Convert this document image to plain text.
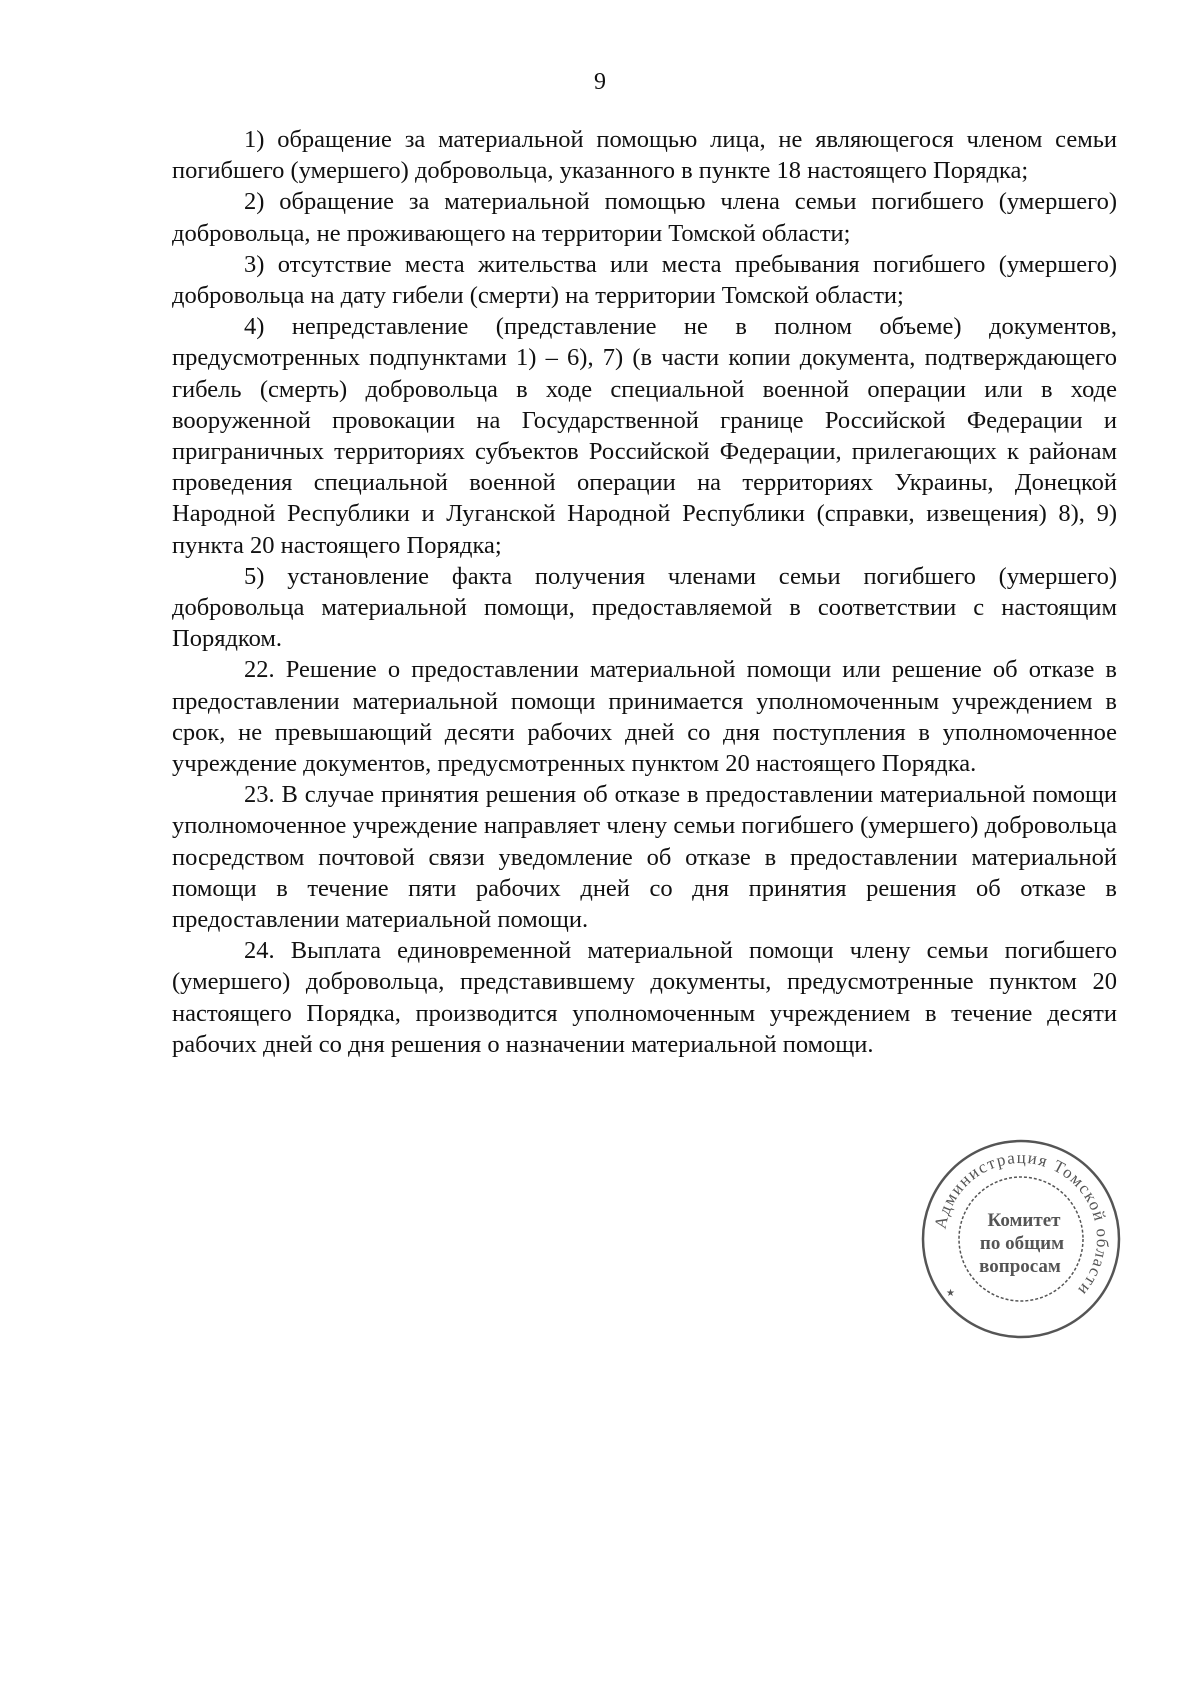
9

1) обращение за материальной помощью лица, не являющегося членом семьи погибшего (умершего) добровольца, указанного в пункте 18 настоящего Порядка;

2) обращение за материальной помощью члена семьи погибшего (умершего) добровольца, не проживающего на территории Томской области;

3) отсутствие места жительства или места пребывания погибшего (умершего) добровольца на дату гибели (смерти) на территории Томской области;

4) непредставление (представление не в полном объеме) документов, предусмотренных подпунктами 1) – 6), 7) (в части копии документа, подтверждающего гибель (смерть) добровольца в ходе специальной военной операции или в ходе вооруженной провокации на Государственной границе Российской Федерации и приграничных территориях субъектов Российской Федерации, прилегающих к районам проведения специальной военной операции на территориях Украины, Донецкой Народной Республики и Луганской Народной Республики (справки, извещения) 8), 9) пункта 20 настоящего Порядка;

5) установление факта получения членами семьи погибшего (умершего) добровольца материальной помощи, предоставляемой в соответствии с настоящим Порядком.

22. Решение о предоставлении материальной помощи или решение об отказе в предоставлении материальной помощи принимается уполномоченным учреждением в срок, не превышающий десяти рабочих дней со дня поступления в уполномоченное учреждение документов, предусмотренных пунктом 20 настоящего Порядка.

23. В случае принятия решения об отказе в предоставлении материальной помощи уполномоченное учреждение направляет члену семьи погибшего (умершего) добровольца посредством почтовой связи уведомление об отказе в предоставлении материальной помощи в течение пяти рабочих дней со дня принятия решения об отказе в предоставлении материальной помощи.

24. Выплата единовременной материальной помощи члену семьи погибшего (умершего) добровольца, представившему документы, предусмотренные пунктом 20 настоящего Порядка, производится уполномоченным учреждением в течение десяти рабочих дней со дня решения о назначении материальной помощи.

Администрация Томской области
Комитет
по общим
вопросам
★
